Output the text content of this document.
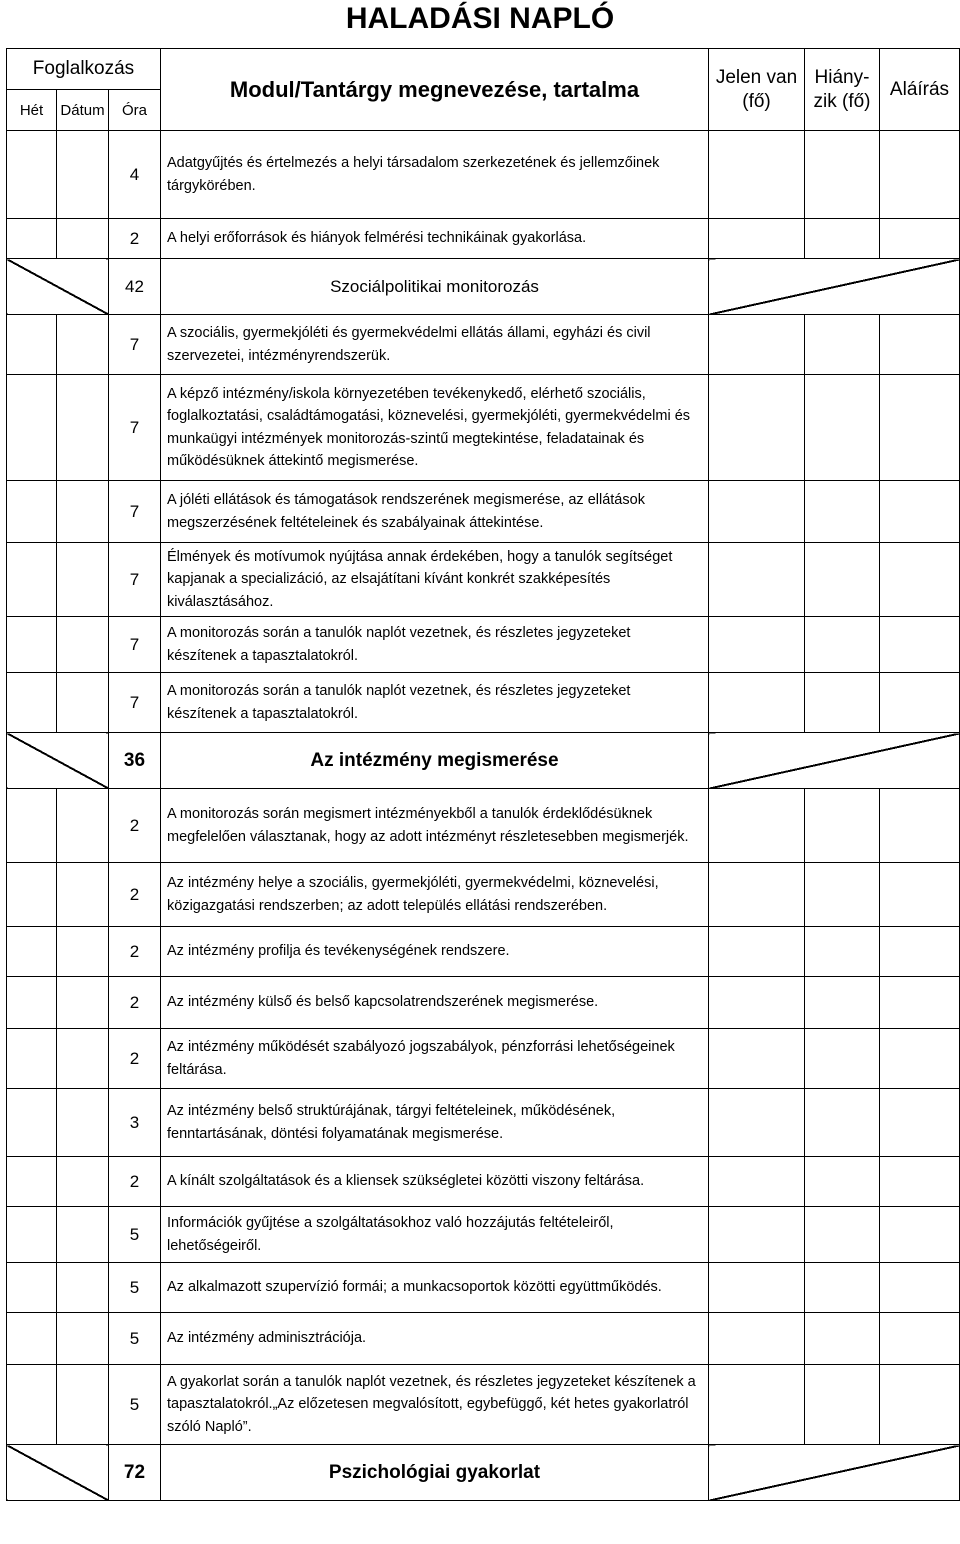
HALADÁSI NAPLÓ
Foglalkozás			Modul/Tantárgy megnevezése, tartalma	Jelen van (fő)	Hiány- zik (fő)	Aláírás
Hét	Dátum	Óra				
		4	Adatgyűjtés és értelmezés a helyi társadalom szerkezetének és jellemzőinek tárgykörében.			
		2	A helyi erőforrások és hiányok felmérési technikáinak gyakorlása.			
		42	Szociálpolitikai monitorozás			
		7	A szociális, gyermekjóléti és gyermekvédelmi ellátás állami, egyházi és civil szervezetei, intézményrendszerük.			
		7	A képző intézmény/iskola környezetében tevékenykedő, elérhető szociális, foglalkoztatási, családtámogatási, köznevelési, gyermekjóléti, gyermekvédelmi és munkaügyi intézmények monitorozás-szintű megtekintése, feladatainak és működésüknek áttekintő megismerése.			
		7	A jóléti ellátások és támogatások rendszerének megismerése, az ellátások megszerzésének feltételeinek és szabályainak áttekintése.			
		7	Élmények és motívumok nyújtása annak érdekében, hogy a tanulók segítséget kapjanak a specializáció, az elsajátítani kívánt konkrét szakképesítés kiválasztásához.			
		7	A monitorozás során a tanulók naplót vezetnek, és részletes jegyzeteket készítenek a tapasztalatokról.			
		7	A monitorozás során a tanulók naplót vezetnek, és részletes jegyzeteket készítenek a tapasztalatokról.			
		36	Az intézmény megismerése			
		2	A monitorozás során megismert intézményekből a tanulók érdeklődésüknek megfelelően választanak, hogy az adott intézményt részletesebben megismerjék.			
		2	Az intézmény helye a szociális, gyermekjóléti, gyermekvédelmi, köznevelési, közigazgatási rendszerben; az adott település ellátási rendszerében.			
		2	Az intézmény profilja és tevékenységének rendszere.			
		2	Az intézmény külső és belső kapcsolatrendszerének megismerése.			
		2	Az intézmény működését szabályozó jogszabályok, pénzforrási lehetőségeinek feltárása.			
		3	Az intézmény belső struktúrájának, tárgyi feltételeinek, működésének, fenntartásának, döntési folyamatának megismerése.			
		2	A kínált szolgáltatások és a kliensek szükségletei közötti viszony feltárása.			
		5	Információk gyűjtése a szolgáltatásokhoz való hozzájutás feltételeiről, lehetőségeiről.			
		5	Az alkalmazott szupervízió formái; a munkacsoportok közötti együttműködés.			
		5	Az intézmény adminisztrációja.			
		5	A gyakorlat során a tanulók naplót vezetnek, és részletes jegyzeteket készítenek a tapasztalatokról.„Az előzetesen megvalósított, egybefüggő, két hetes gyakorlatról szóló Napló”.			
		72	Pszichológiai gyakorlat			
